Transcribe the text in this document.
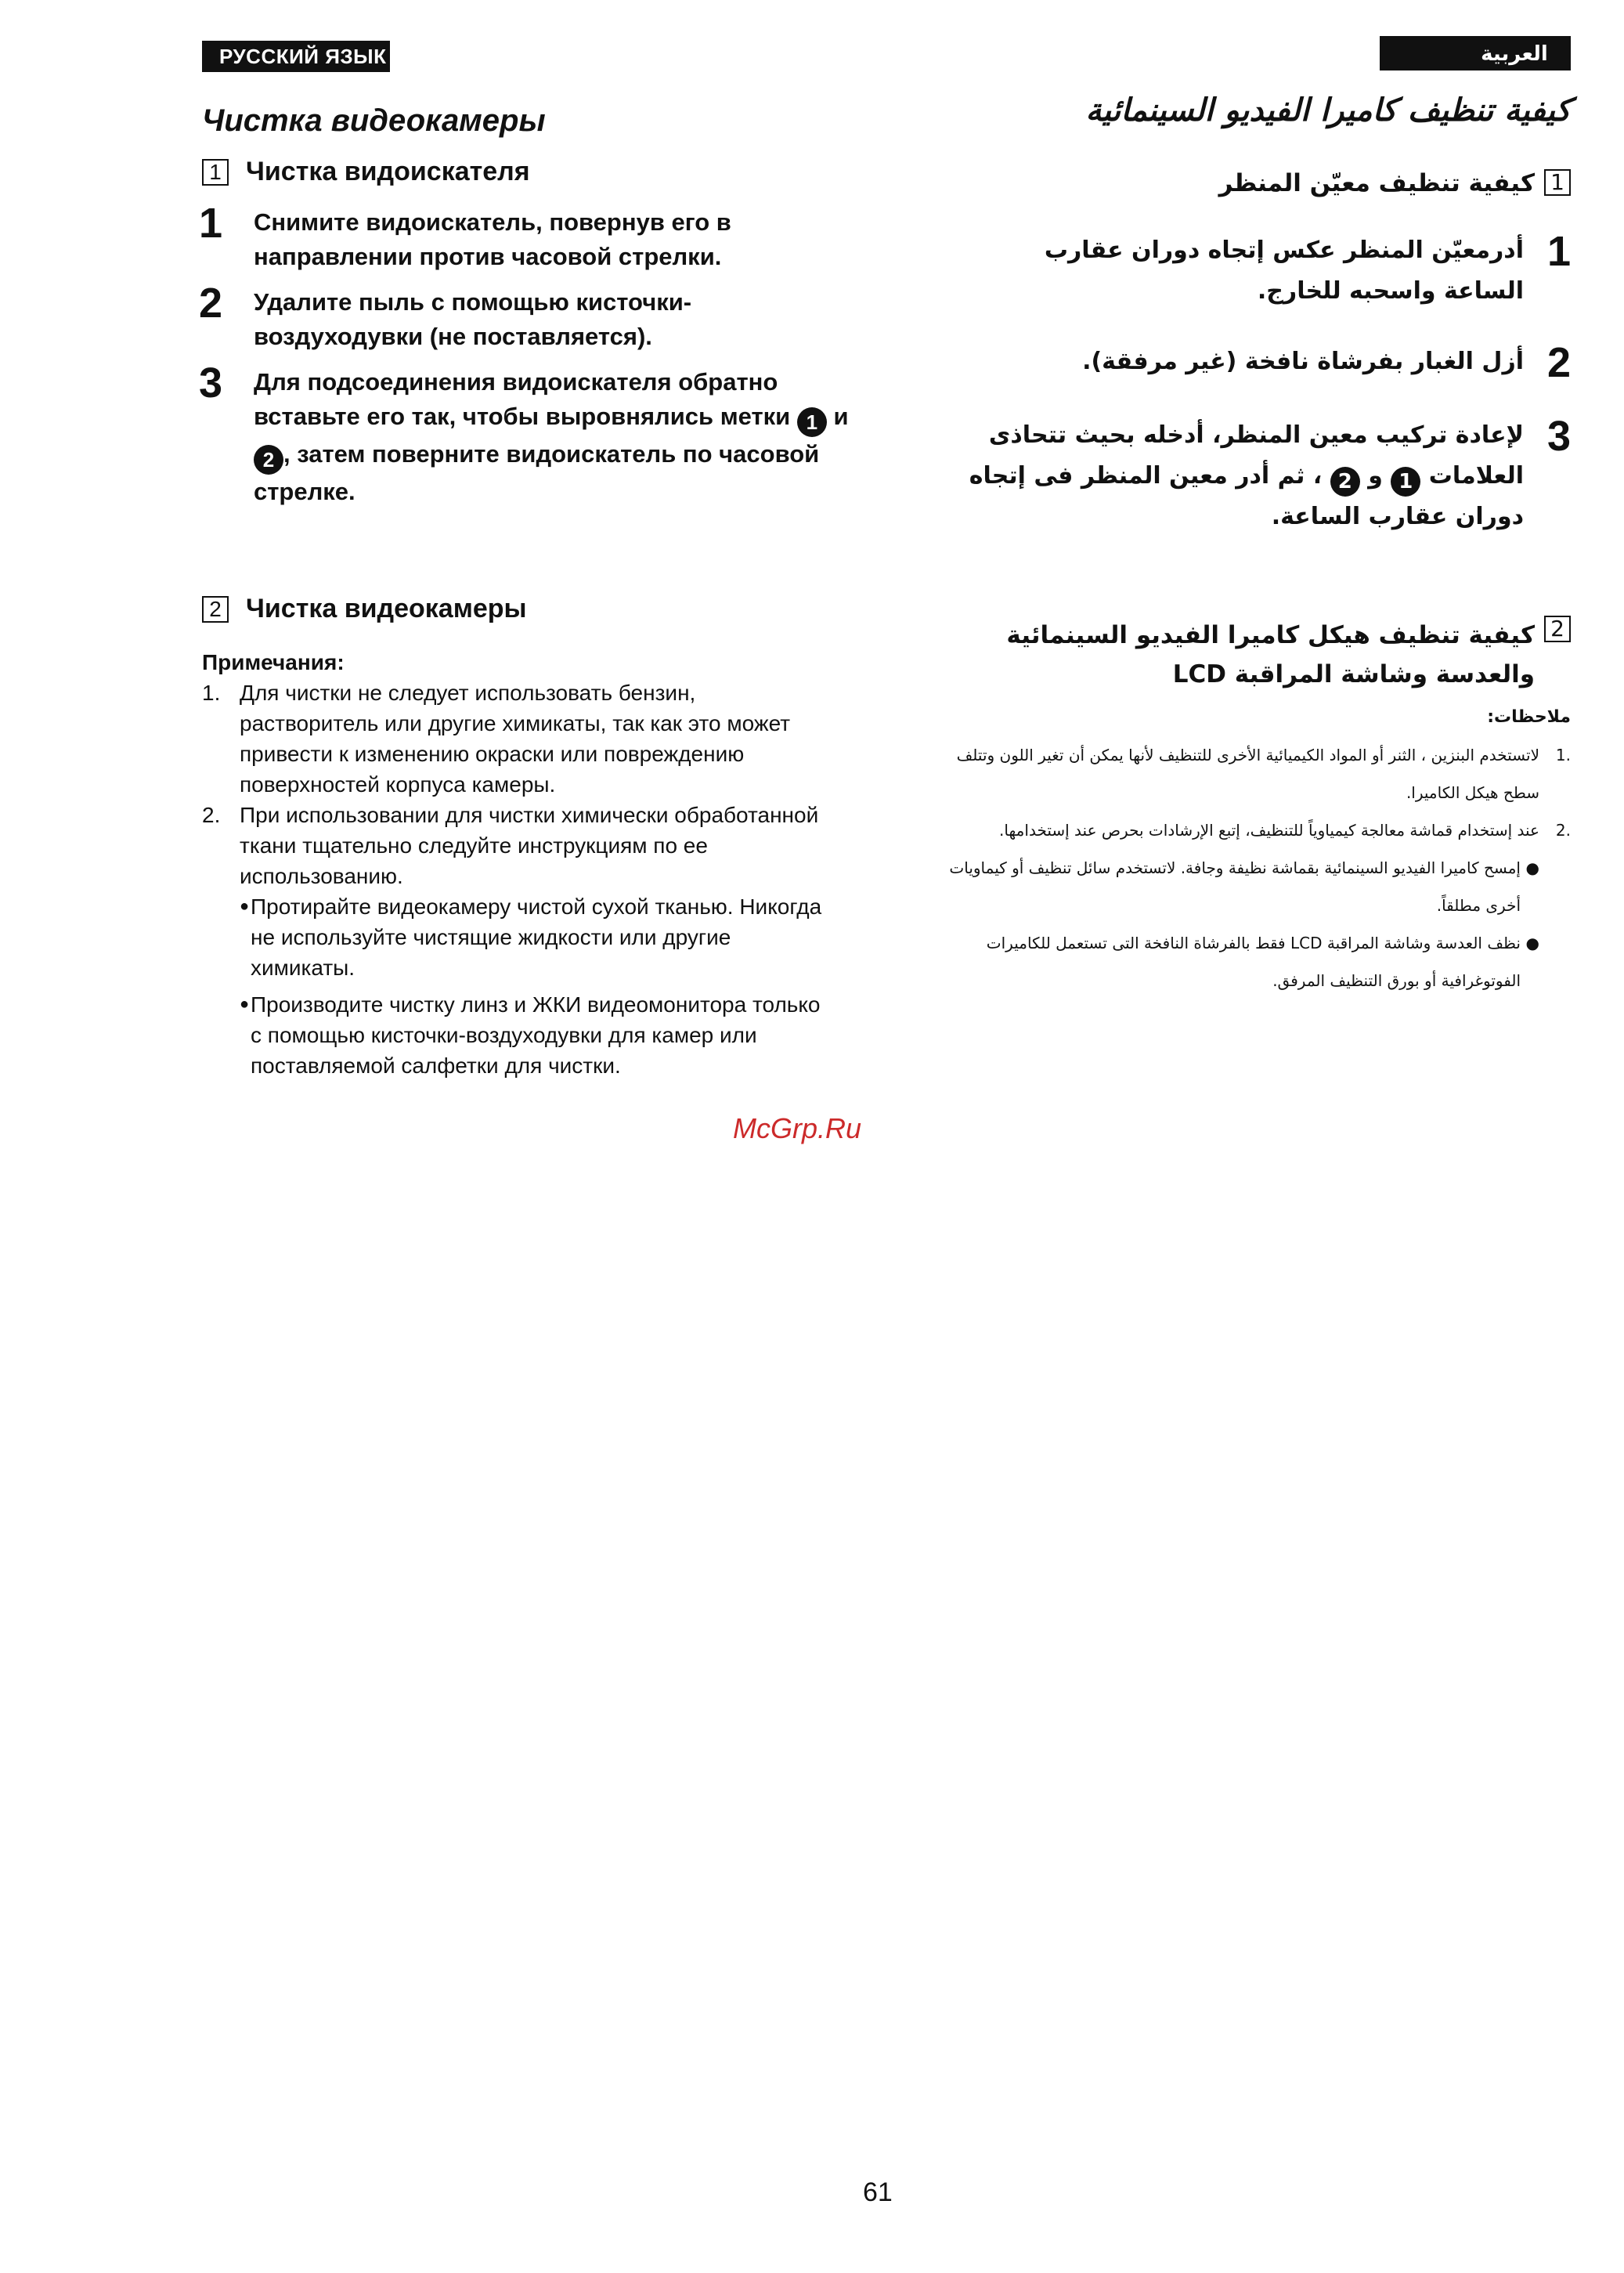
РУССКИЙ ЯЗЫК	العربية
Чистка видеокамеры
1 Чистка видоискателя
1	Снимите видоискатель, повернув его в направлении против часовой стрелки.
2	Удалите пыль с помощью кисточки-воздуходувки (не поставляется).
3	Для подсоединения видоискателя обратно вставьте его так, чтобы выровнялись метки 1 и 2 , затем поверните видоискатель по часовой стрелке.
2 Чистка видеокамеры
Примечания:
1. Для чистки не следует использовать бензин, растворитель или другие химикаты, так как это может привести к изменению окраски или повреждению поверхностей корпуса камеры.
2. При использовании для чистки химически обработанной ткани тщательно следуйте инструкциям по ее использованию.
● Протирайте видеокамеру чистой сухой тканью. Никогда не используйте чистящие жидкости или другие химикаты.
● Производите чистку линз и ЖКИ видеомонитора только с помощью кисточки-воздуходувки для камер или поставляемой салфетки для чистки.
McGrp.Ru
كيفية تنظيف كاميرا الفيديو السينمائية
1
كيفية تنظيف معيّن المنظر
1
أدرمعيّن المنظر عكس إتجاه دوران عقارب الساعة واسحبه للخارج.
2
أزل الغبار بفرشاة نافخة (غير مرفقة).
3
لإعادة تركيب معين المنظر، أدخله بحيث تتحاذى العلامات 1 و 2 ، ثم أدر معين المنظر فى إتجاه دوران عقارب الساعة.
2
كيفية تنظيف هيكل كاميرا الفيديو السينمائية والعدسة وشاشة المراقبة LCD
ملاحظات:
.1
لاتستخدم البنزين ، الثنر أو المواد الكيميائية الأخرى للتنظيف لأنها يمكن أن تغير اللون وتتلف سطح هيكل الكاميرا.
.2
عند إستخدام قماشة معالجة كيمياوياً للتنظيف، إتبع الإرشادات بحرص عند إستخدامها.
●
إمسح كاميرا الفيديو السينمائية بقماشة نظيفة وجافة. لاتستخدم سائل تنظيف أو كيماويات أخرى مطلقاً.
●
نظف العدسة وشاشة المراقبة LCD فقط بالفرشاة النافخة التى تستعمل للكاميرات الفوتوغرافية أو بورق التنظيف المرفق.
61
